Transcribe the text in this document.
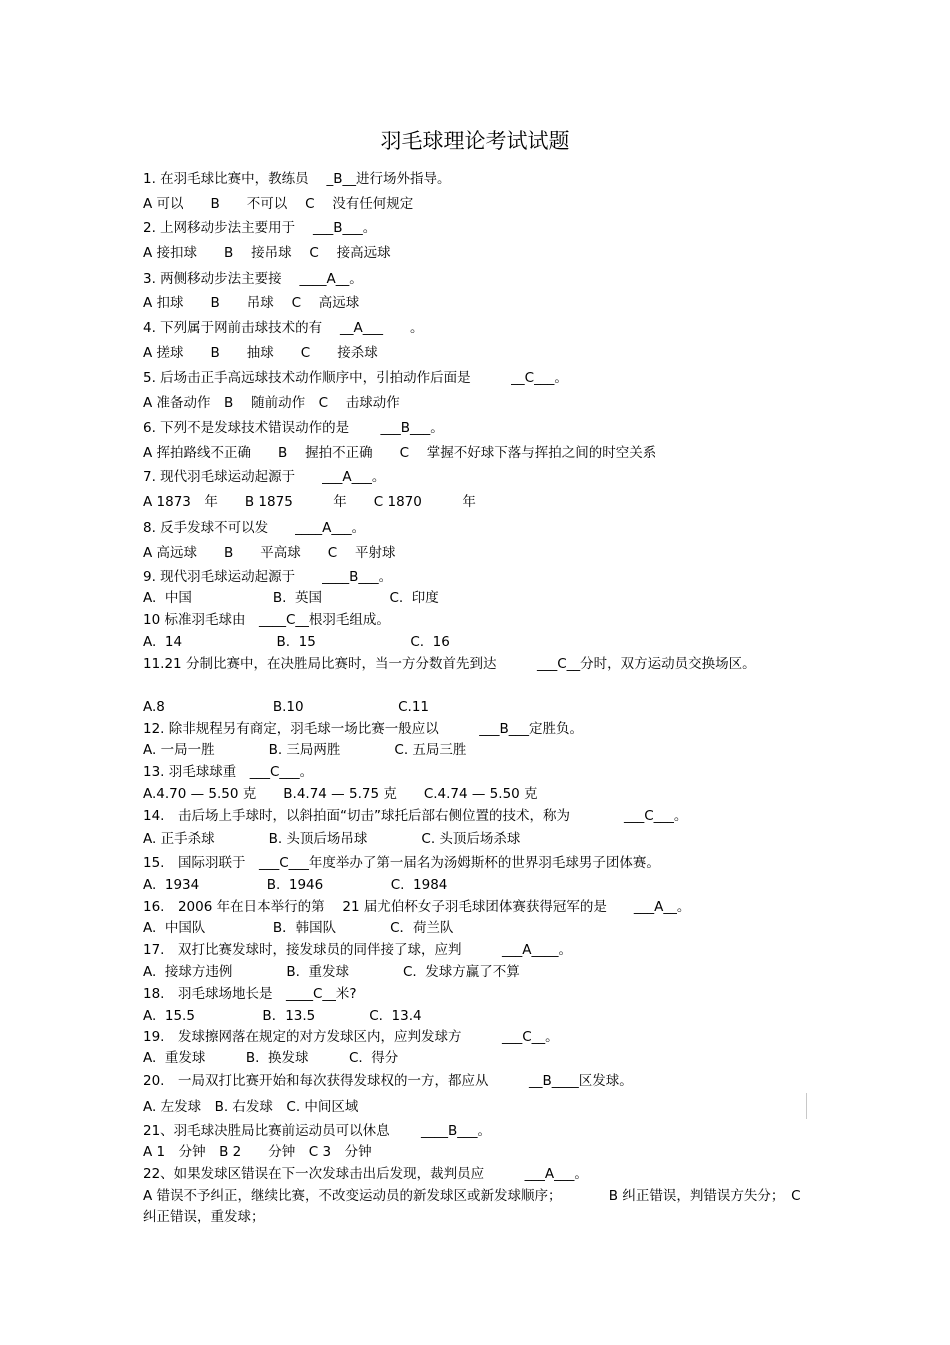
羽毛球理论考试试题
1. 在羽毛球比赛中，教练员　 _B__进行场外指导。
A 可以　　B　　不可以　 C　 没有任何规定
2. 上网移动步法主要用于　 ___B___。
A 接扣球　　B　 接吊球　 C　 接高远球
3. 两侧移动步法主要接　 ____A__。
A 扣球　　B　　吊球　 C　 高远球
4. 下列属于网前击球技术的有　 __A___　　。
A 搓球　　B　　抽球　　C　　接杀球
5. 后场击正手高远球技术动作顺序中，引拍动作后面是　　　__C___。
A 准备动作　B　 随前动作　C　 击球动作
6. 下列不是发球技术错误动作的是　　 ___B___。
A 挥拍路线不正确　　B　 握拍不正确　　C　 掌握不好球下落与挥拍之间的时空关系
7. 现代羽毛球运动起源于　　___A___。
A 1873　年　　B 1875　　　年　　C 1870　　　年
8. 反手发球不可以发　　____A___。
A 高远球　　B　　平高球　　C　 平射球
9. 现代羽毛球运动起源于　　____B___。
A.  中国　　　　　　B.  英国　　　　　C.  印度
10 标准羽毛球由　____C__根羽毛组成。
A.  14　　　　　　　B.  15　　　　　　　C.  16
11.21 分制比赛中，在决胜局比赛时，当一方分数首先到达　　　___C__分时，双方运动员交换场区。
A.8　　　　　　　　B.10　　　　　　　C.11
12. 除非规程另有商定，羽毛球一场比赛一般应以　　　___B___定胜负。
A. 一局一胜　　　　B. 三局两胜　　　　C. 五局三胜
13. 羽毛球球重　___C___。
A.4.70 — 5.50 克　　B.4.74 — 5.75 克　　C.4.74 — 5.50 克
14.　击后场上手球时，以斜拍面“切击”球托后部右侧位置的技术，称为　　　　___C___。
A. 正手杀球　　　　B. 头顶后场吊球　　　　C. 头顶后场杀球
15.　国际羽联于　___C___年度举办了第一届名为汤姆斯杯的世界羽毛球男子团体赛。
A.  1934　　　　　B.  1946　　　　　C.  1984
16.　2006 年在日本举行的第　 21 届尤伯杯女子羽毛球团体赛获得冠军的是　　___A__。
A.  中国队　　　　　B．韩国队　　　　C．荷兰队
17.　双打比赛发球时，接发球员的同伴接了球，应判　　　___A____。
A.  接球方违例　　　　B.  重发球　　　　C.  发球方赢了不算
18.　羽毛球场地长是　____C__米?
A.  15.5　　　　　B．13.5　　　　C.  13.4
19.　发球擦网落在规定的对方发球区内，应判发球方　　　___C__。
A.  重发球　　　B.  换发球　　　C.  得分
20.　一局双打比赛开始和每次获得发球权的一方，都应从　　　__B____区发球。
A. 左发球　B. 右发球　C. 中间区域
21、羽毛球决胜局比赛前运动员可以休息　　 ____B___。
A 1　分钟　B 2　　分钟　C 3　分钟
22、如果发球区错误在下一次发球击出后发现，裁判员应　　　___A___。
A 错误不予纠正，继续比赛，不改变运动员的新发球区或新发球顺序；　　　　B 纠正错误，判错误方失分；　C纠正错误，重发球；
